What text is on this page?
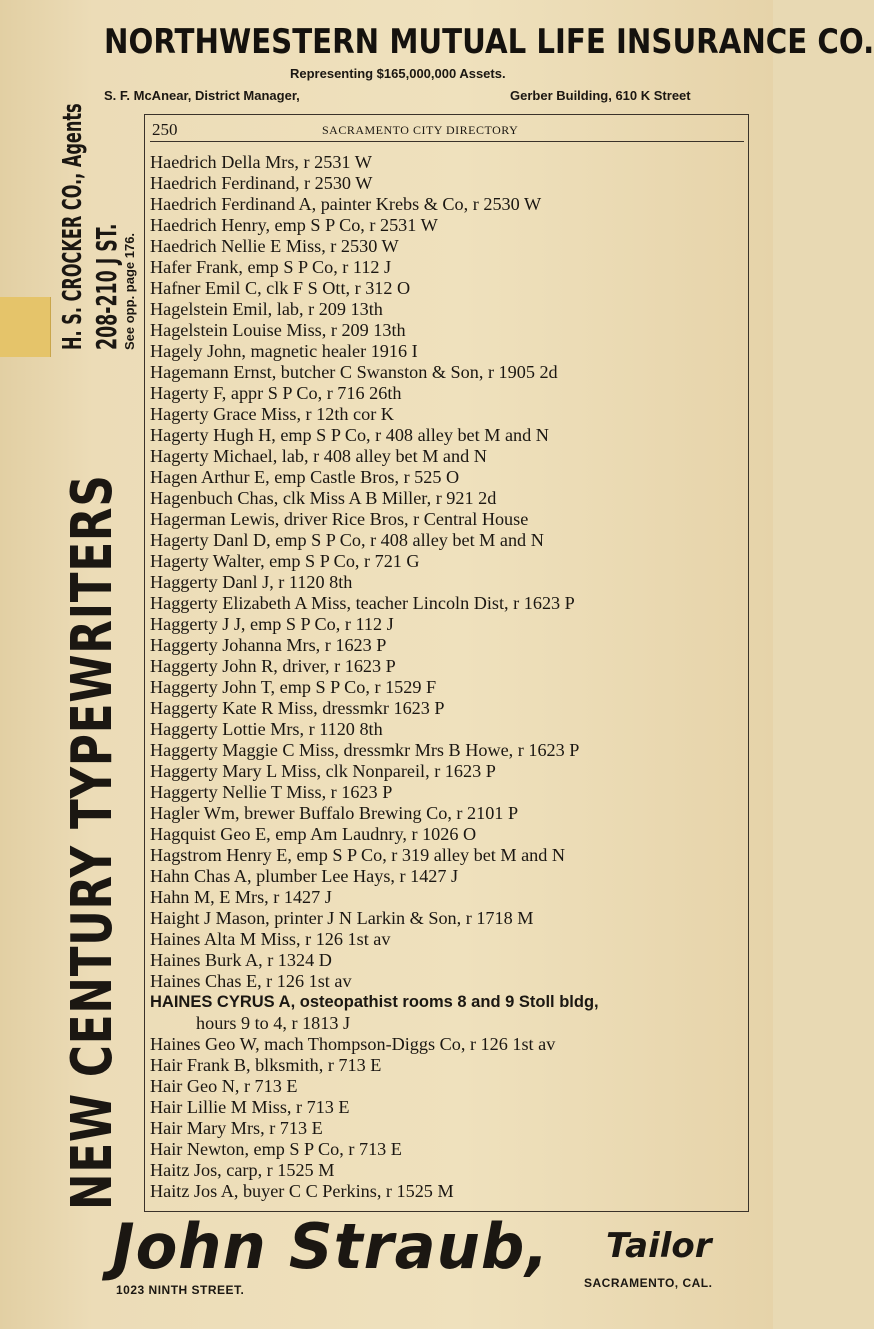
NORTHWESTERN MUTUAL LIFE INSURANCE CO.
Representing $165,000,000 Assets.
S. F. McAnear, District Manager,	Gerber Building, 610 K Street
NEW CENTURY TYPEWRITERS
H. S. CROCKER CO., Agents 208-210 J ST. See opp. page 176.
250	SACRAMENTO CITY DIRECTORY
Haedrich Della Mrs, r 2531 W
Haedrich Ferdinand, r 2530 W
Haedrich Ferdinand A, painter Krebs & Co, r 2530 W
Haedrich Henry, emp S P Co, r 2531 W
Haedrich Nellie E Miss, r 2530 W
Hafer Frank, emp S P Co, r 112 J
Hafner Emil C, clk F S Ott, r 312 O
Hagelstein Emil, lab, r 209 13th
Hagelstein Louise Miss, r 209 13th
Hagely John, magnetic healer 1916 I
Hagemann Ernst, butcher C Swanston & Son, r 1905 2d
Hagerty F, appr S P Co, r 716 26th
Hagerty Grace Miss, r 12th cor K
Hagerty Hugh H, emp S P Co, r 408 alley bet M and N
Hagerty Michael, lab, r 408 alley bet M and N
Hagen Arthur E, emp Castle Bros, r 525 O
Hagenbuch Chas, clk Miss A B Miller, r 921 2d
Hagerman Lewis, driver Rice Bros, r Central House
Hagerty Danl D, emp S P Co, r 408 alley bet M and N
Hagerty Walter, emp S P Co, r 721 G
Haggerty Danl J, r 1120 8th
Haggerty Elizabeth A Miss, teacher Lincoln Dist, r 1623 P
Haggerty J J, emp S P Co, r 112 J
Haggerty Johanna Mrs, r 1623 P
Haggerty John R, driver, r 1623 P
Haggerty John T, emp S P Co, r 1529 F
Haggerty Kate R Miss, dressmkr 1623 P
Haggerty Lottie Mrs, r 1120 8th
Haggerty Maggie C Miss, dressmkr Mrs B Howe, r 1623 P
Haggerty Mary L Miss, clk Nonpareil, r 1623 P
Haggerty Nellie T Miss, r 1623 P
Hagler Wm, brewer Buffalo Brewing Co, r 2101 P
Hagquist Geo E, emp Am Laudnry, r 1026 O
Hagstrom Henry E, emp S P Co, r 319 alley bet M and N
Hahn Chas A, plumber Lee Hays, r 1427 J
Hahn M, E Mrs, r 1427 J
Haight J Mason, printer J N Larkin & Son, r 1718 M
Haines Alta M Miss, r 126 1st av
Haines Burk A, r 1324 D
Haines Chas E, r 126 1st av
HAINES CYRUS A, osteopathist rooms 8 and 9 Stoll bldg,
hours 9 to 4, r 1813 J
Haines Geo W, mach Thompson-Diggs Co, r 126 1st av
Hair Frank B, blksmith, r 713 E
Hair Geo N, r 713 E
Hair Lillie M Miss, r 713 E
Hair Mary Mrs, r 713 E
Hair Newton, emp S P Co, r 713 E
Haitz Jos, carp, r 1525 M
Haitz Jos A, buyer C C Perkins, r 1525 M
John Straub, Tailor
1023 NINTH STREET.	SACRAMENTO, CAL.
